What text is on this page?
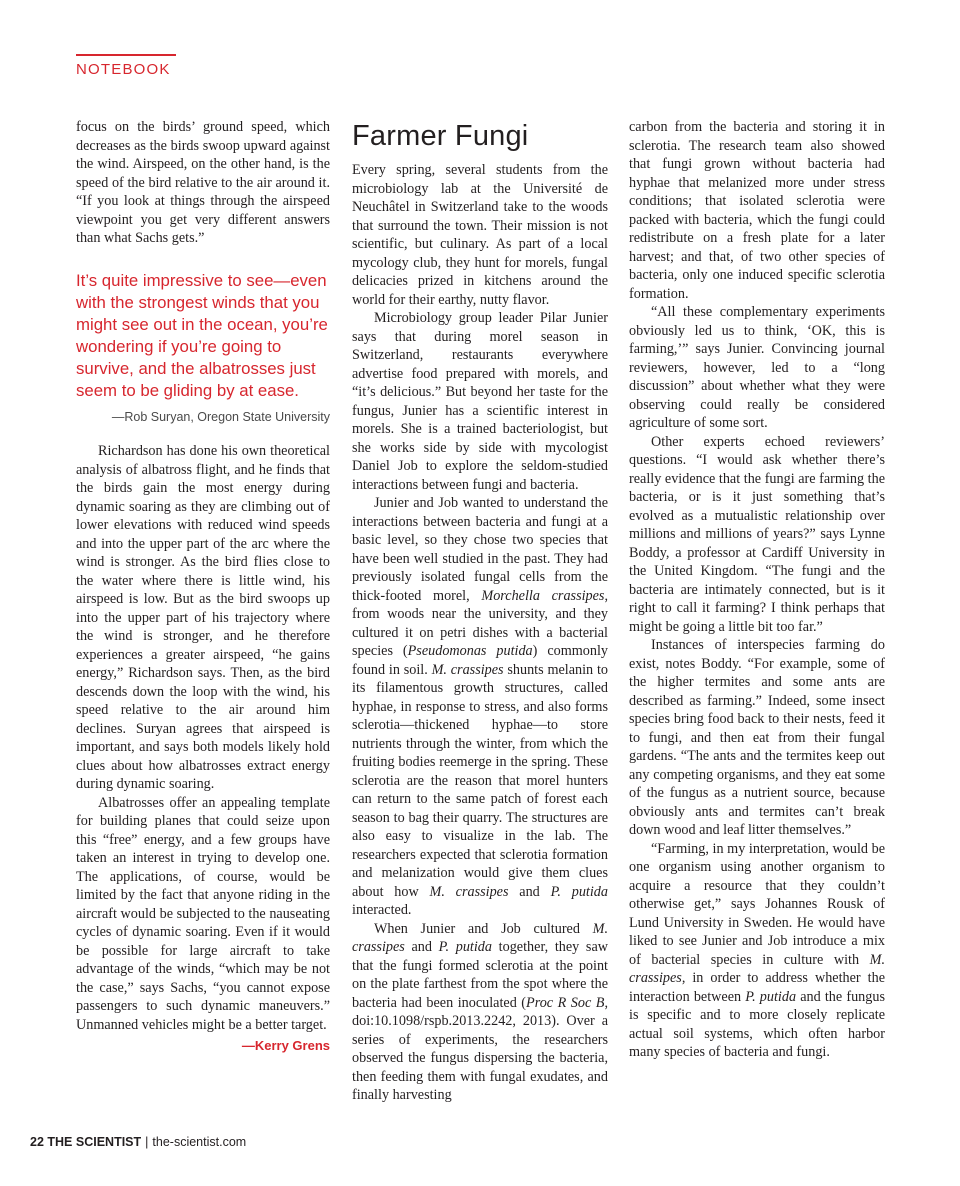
NOTEBOOK

focus on the birds’ ground speed, which decreases as the birds swoop upward against the wind. Airspeed, on the other hand, is the speed of the bird relative to the air around it. “If you look at things through the airspeed viewpoint you get very different answers than what Sachs gets.”

It’s quite impressive to see—even with the strongest winds that you might see out in the ocean, you’re wondering if you’re going to survive, and the albatrosses just seem to be gliding by at ease.
—Rob Suryan, Oregon State University

Richardson has done his own theoretical analysis of albatross flight, and he finds that the birds gain the most energy during dynamic soaring as they are climbing out of lower elevations with reduced wind speeds and into the upper part of the arc where the wind is stronger. As the bird flies close to the water where there is little wind, his airspeed is low. But as the bird swoops up into the upper part of his trajectory where the wind is stronger, and he therefore experiences a greater airspeed, “he gains energy,” Richardson says. Then, as the bird descends down the loop with the wind, his speed relative to the air around him declines. Suryan agrees that airspeed is important, and says both models likely hold clues about how albatrosses extract energy during dynamic soaring.

Albatrosses offer an appealing template for building planes that could seize upon this “free” energy, and a few groups have taken an interest in trying to develop one. The applications, of course, would be limited by the fact that anyone riding in the aircraft would be subjected to the nauseating cycles of dynamic soaring. Even if it would be possible for large aircraft to take advantage of the winds, “which may be not the case,” says Sachs, “you cannot expose passengers to such dynamic maneuvers.” Unmanned vehicles might be a better target.

—Kerry Grens
Farmer Fungi

Every spring, several students from the microbiology lab at the Université de Neuchâtel in Switzerland take to the woods that surround the town. Their mission is not scientific, but culinary. As part of a local mycology club, they hunt for morels, fungal delicacies prized in kitchens around the world for their earthy, nutty flavor.

Microbiology group leader Pilar Junier says that during morel season in Switzerland, restaurants everywhere advertise food prepared with morels, and “it’s delicious.” But beyond her taste for the fungus, Junier has a scientific interest in morels. She is a trained bacteriologist, but she works side by side with mycologist Daniel Job to explore the seldom-studied interactions between fungi and bacteria.

Junier and Job wanted to understand the interactions between bacteria and fungi at a basic level, so they chose two species that have been well studied in the past. They had previously isolated fungal cells from the thick-footed morel, Morchella crassipes, from woods near the university, and they cultured it on petri dishes with a bacterial species (Pseudomonas putida) commonly found in soil. M. crassipes shunts melanin to its filamentous growth structures, called hyphae, in response to stress, and also forms sclerotia—thickened hyphae—to store nutrients through the winter, from which the fruiting bodies reemerge in the spring. These sclerotia are the reason that morel hunters can return to the same patch of forest each season to bag their quarry. The structures are also easy to visualize in the lab. The researchers expected that sclerotia formation and melanization would give them clues about how M. crassipes and P. putida interacted.

When Junier and Job cultured M. crassipes and P. putida together, they saw that the fungi formed sclerotia at the point on the plate farthest from the spot where the bacteria had been inoculated (Proc R Soc B, doi:10.1098/rspb.2013.2242, 2013). Over a series of experiments, the researchers observed the fungus dispersing the bacteria, then feeding them with fungal exudates, and finally harvesting

carbon from the bacteria and storing it in sclerotia. The research team also showed that fungi grown without bacteria had hyphae that melanized more under stress conditions; that isolated sclerotia were packed with bacteria, which the fungi could redistribute on a fresh plate for a later harvest; and that, of two other species of bacteria, only one induced specific sclerotia formation.

“All these complementary experiments obviously led us to think, ‘OK, this is farming,’” says Junier. Convincing journal reviewers, however, led to a “long discussion” about whether what they were observing could really be considered agriculture of some sort.

Other experts echoed reviewers’ questions. “I would ask whether there’s really evidence that the fungi are farming the bacteria, or is it just something that’s evolved as a mutualistic relationship over millions and millions of years?” says Lynne Boddy, a professor at Cardiff University in the United Kingdom. “The fungi and the bacteria are intimately connected, but is it right to call it farming? I think perhaps that might be going a little bit too far.”

Instances of interspecies farming do exist, notes Boddy. “For example, some of the higher termites and some ants are described as farming.” Indeed, some insect species bring food back to their nests, feed it to fungi, and then eat from their fungal gardens. “The ants and the termites keep out any competing organisms, and they eat some of the fungus as a nutrient source, because obviously ants and termites can’t break down wood and leaf litter themselves.”

“Farming, in my interpretation, would be one organism using another organism to acquire a resource that they couldn’t otherwise get,” says Johannes Rousk of Lund University in Sweden. He would have liked to see Junier and Job introduce a mix of bacterial species in culture with M. crassipes, in order to address whether the interaction between P. putida and the fungus is specific and to more closely replicate actual soil systems, which often harbor many species of bacteria and fungi.

22 THE SCIENTIST | the-scientist.com
